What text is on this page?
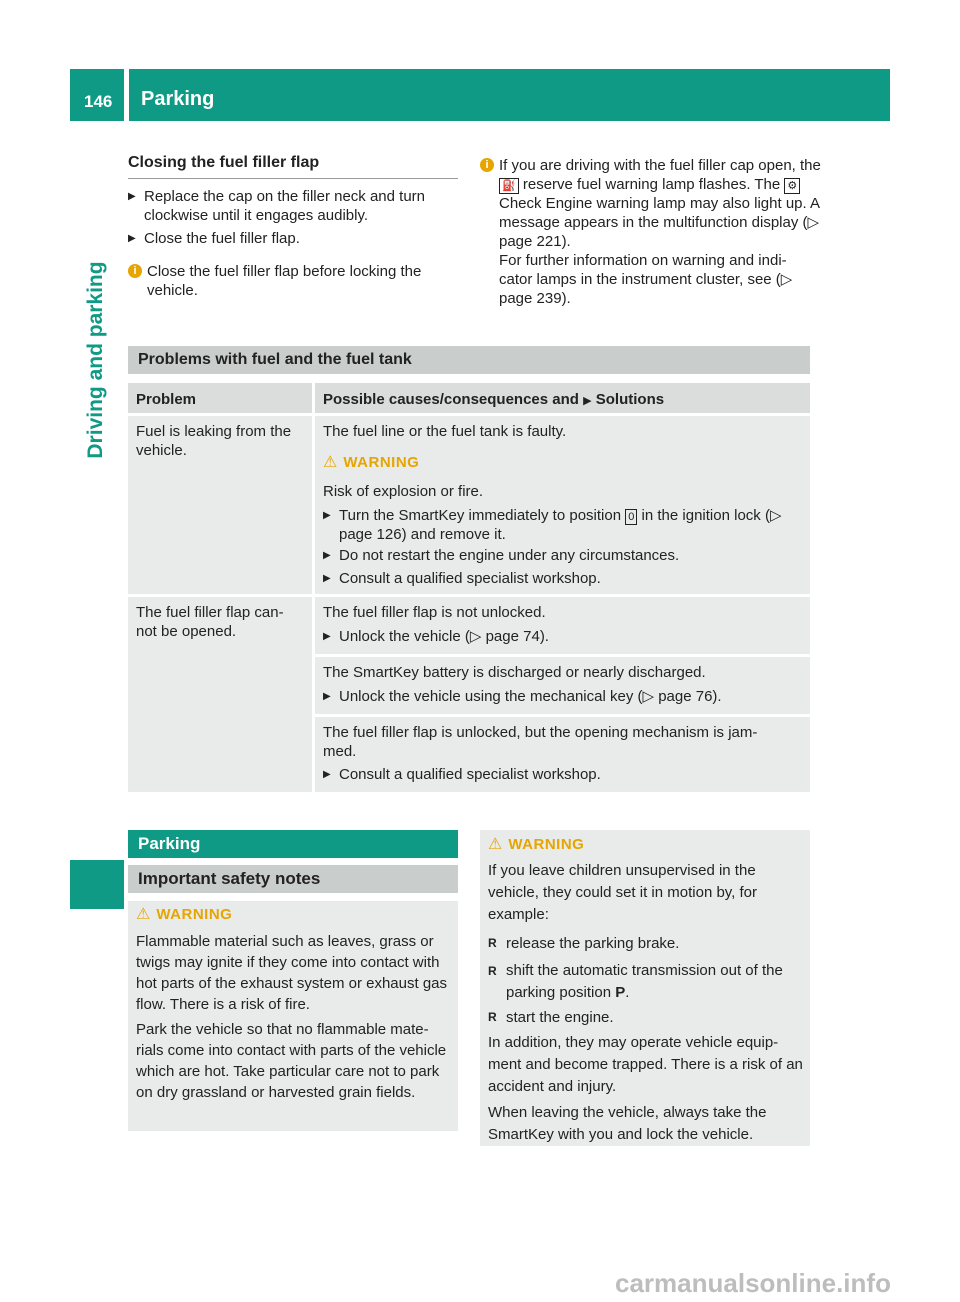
146 Parking
Driving and parking
Closing the fuel filler flap
▶ Replace the cap on the filler neck and turn clockwise until it engages audibly.
▶ Close the fuel filler flap.
i Close the fuel filler flap before locking the vehicle.
i If you are driving with the fuel filler cap open, the ⛽ reserve fuel warning lamp flashes. The ⚙ Check Engine warning lamp may also light up. A message appears in the multifunction display (▷ page 221).
For further information on warning and indi- cator lamps in the instrument cluster, see (▷ page 239).
Problems with fuel and the fuel tank
Problem	Possible causes/consequences and ▶ Solutions
Fuel is leaking from the vehicle.
The fuel line or the fuel tank is faulty.
⚠ WARNING
Risk of explosion or fire.
▶ Turn the SmartKey immediately to position 0 in the ignition lock (▷ page 126) and remove it.
▶ Do not restart the engine under any circumstances.
▶ Consult a qualified specialist workshop.
The fuel filler flap can- not be opened.
The fuel filler flap is not unlocked.
▶ Unlock the vehicle (▷ page 74).
The SmartKey battery is discharged or nearly discharged.
▶ Unlock the vehicle using the mechanical key (▷ page 76).
The fuel filler flap is unlocked, but the opening mechanism is jam- med.
▶ Consult a qualified specialist workshop.
Parking
Important safety notes
⚠ WARNING
Flammable material such as leaves, grass or twigs may ignite if they come into contact with hot parts of the exhaust system or exhaust gas flow. There is a risk of fire.
Park the vehicle so that no flammable mate- rials come into contact with parts of the vehicle which are hot. Take particular care not to park on dry grassland or harvested grain fields.
⚠ WARNING
If you leave children unsupervised in the vehicle, they could set it in motion by, for example:
R release the parking brake.
R shift the automatic transmission out of the parking position P.
R start the engine.
In addition, they may operate vehicle equip- ment and become trapped. There is a risk of an accident and injury.
When leaving the vehicle, always take the SmartKey with you and lock the vehicle.
carmanualsonline.info
